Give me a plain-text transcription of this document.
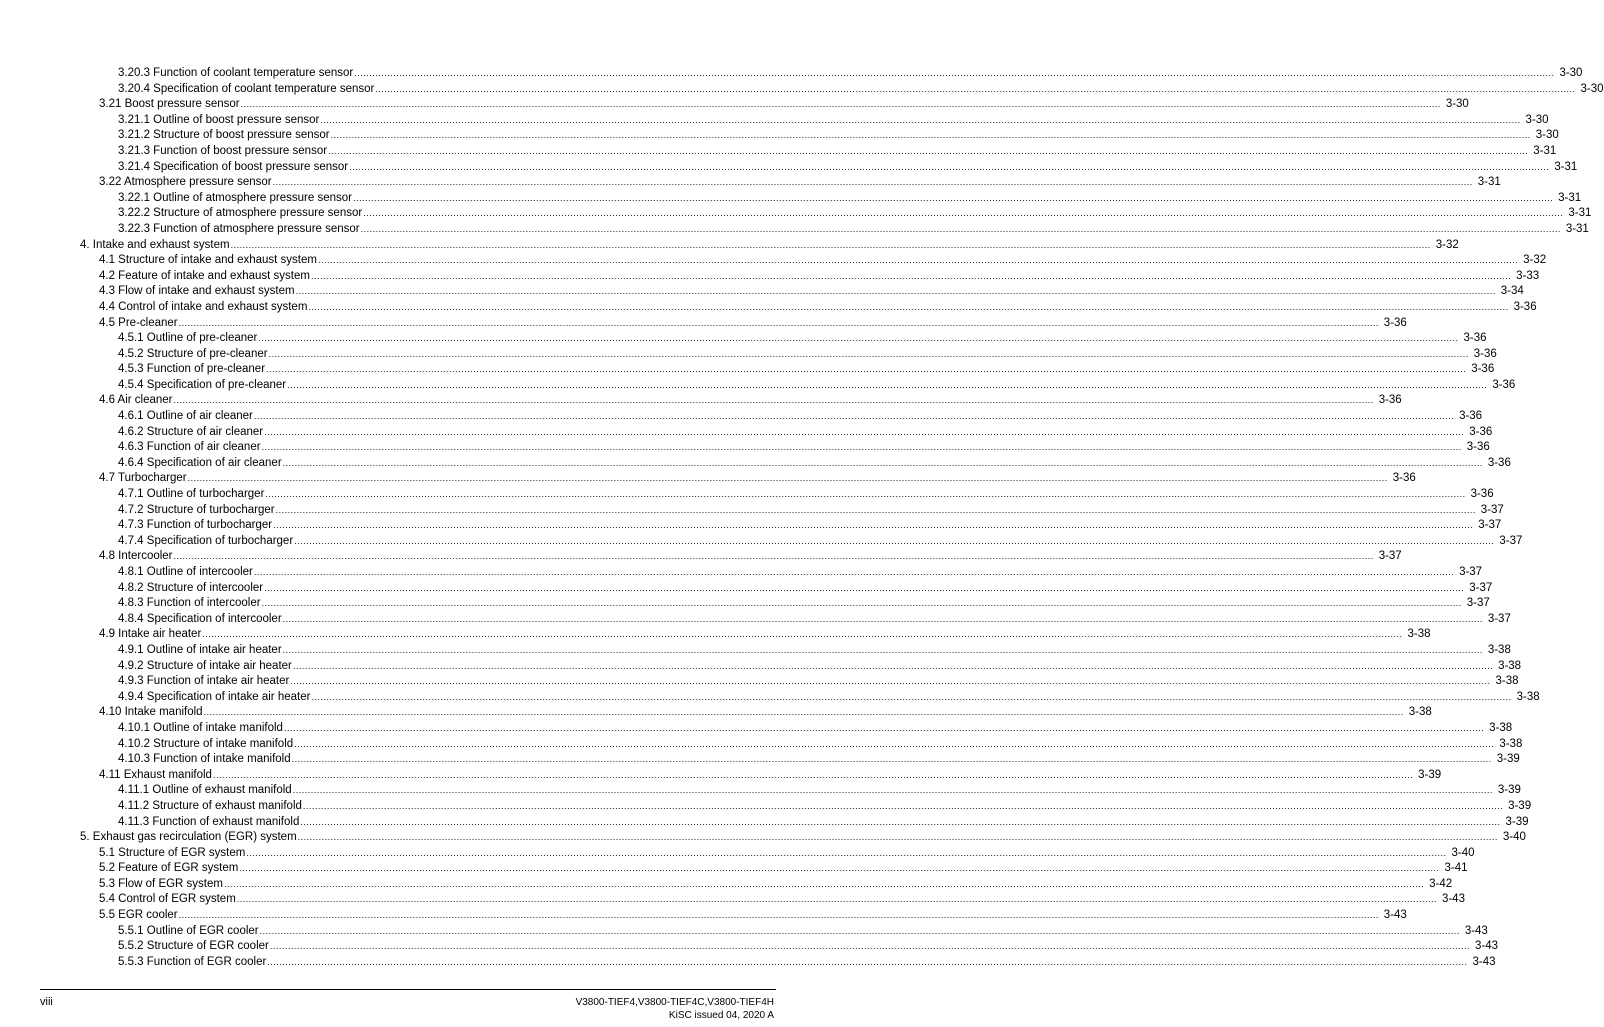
3.20.3 Function of coolant temperature sensor ................................................................................................................................................................................................................................................................................................................................................................................................................ 3-30
3.20.4 Specification of coolant temperature sensor ................................................................................................................................................................................................................................................................................................................................................................................................................ 3-30
3.21 Boost pressure sensor ................................................................................................................................................................................................................................................................................................................................................................................................................ 3-30
3.21.1 Outline of boost pressure sensor ................................................................................................................................................................................................................................................................................................................................................................................................................ 3-30
3.21.2 Structure of boost pressure sensor ................................................................................................................................................................................................................................................................................................................................................................................................................ 3-30
3.21.3 Function of boost pressure sensor ................................................................................................................................................................................................................................................................................................................................................................................................................ 3-31
3.21.4 Specification of boost pressure sensor ................................................................................................................................................................................................................................................................................................................................................................................................................ 3-31
3.22 Atmosphere pressure sensor ................................................................................................................................................................................................................................................................................................................................................................................................................ 3-31
3.22.1 Outline of atmosphere pressure sensor ................................................................................................................................................................................................................................................................................................................................................................................................................ 3-31
3.22.2 Structure of atmosphere pressure sensor ................................................................................................................................................................................................................................................................................................................................................................................................................ 3-31
3.22.3 Function of atmosphere pressure sensor ................................................................................................................................................................................................................................................................................................................................................................................................................ 3-31
4. Intake and exhaust system ................................................................................................................................................................................................................................................................................................................................................................................................................ 3-32
4.1 Structure of intake and exhaust system ................................................................................................................................................................................................................................................................................................................................................................................................................ 3-32
4.2 Feature of intake and exhaust system ................................................................................................................................................................................................................................................................................................................................................................................................................ 3-33
4.3 Flow of intake and exhaust system ................................................................................................................................................................................................................................................................................................................................................................................................................ 3-34
4.4 Control of intake and exhaust system ................................................................................................................................................................................................................................................................................................................................................................................................................ 3-36
4.5 Pre-cleaner ................................................................................................................................................................................................................................................................................................................................................................................................................ 3-36
4.5.1 Outline of pre-cleaner ................................................................................................................................................................................................................................................................................................................................................................................................................ 3-36
4.5.2 Structure of pre-cleaner ................................................................................................................................................................................................................................................................................................................................................................................................................ 3-36
4.5.3 Function of pre-cleaner ................................................................................................................................................................................................................................................................................................................................................................................................................ 3-36
4.5.4 Specification of pre-cleaner ................................................................................................................................................................................................................................................................................................................................................................................................................ 3-36
4.6 Air cleaner ................................................................................................................................................................................................................................................................................................................................................................................................................ 3-36
4.6.1 Outline of air cleaner ................................................................................................................................................................................................................................................................................................................................................................................................................ 3-36
4.6.2 Structure of air cleaner ................................................................................................................................................................................................................................................................................................................................................................................................................ 3-36
4.6.3 Function of air cleaner ................................................................................................................................................................................................................................................................................................................................................................................................................ 3-36
4.6.4 Specification of air cleaner ................................................................................................................................................................................................................................................................................................................................................................................................................ 3-36
4.7 Turbocharger ................................................................................................................................................................................................................................................................................................................................................................................................................ 3-36
4.7.1 Outline of turbocharger ................................................................................................................................................................................................................................................................................................................................................................................................................ 3-36
4.7.2 Structure of turbocharger ................................................................................................................................................................................................................................................................................................................................................................................................................ 3-37
4.7.3 Function of turbocharger ................................................................................................................................................................................................................................................................................................................................................................................................................ 3-37
4.7.4 Specification of turbocharger ................................................................................................................................................................................................................................................................................................................................................................................................................ 3-37
4.8 Intercooler ................................................................................................................................................................................................................................................................................................................................................................................................................ 3-37
4.8.1 Outline of intercooler ................................................................................................................................................................................................................................................................................................................................................................................................................ 3-37
4.8.2 Structure of intercooler ................................................................................................................................................................................................................................................................................................................................................................................................................ 3-37
4.8.3 Function of intercooler ................................................................................................................................................................................................................................................................................................................................................................................................................ 3-37
4.8.4 Specification of intercooler ................................................................................................................................................................................................................................................................................................................................................................................................................ 3-37
4.9 Intake air heater ................................................................................................................................................................................................................................................................................................................................................................................................................ 3-38
4.9.1 Outline of intake air heater ................................................................................................................................................................................................................................................................................................................................................................................................................ 3-38
4.9.2 Structure of intake air heater ................................................................................................................................................................................................................................................................................................................................................................................................................ 3-38
4.9.3 Function of intake air heater ................................................................................................................................................................................................................................................................................................................................................................................................................ 3-38
4.9.4 Specification of intake air heater ................................................................................................................................................................................................................................................................................................................................................................................................................ 3-38
4.10 Intake manifold ................................................................................................................................................................................................................................................................................................................................................................................................................ 3-38
4.10.1 Outline of intake manifold ................................................................................................................................................................................................................................................................................................................................................................................................................ 3-38
4.10.2 Structure of intake manifold ................................................................................................................................................................................................................................................................................................................................................................................................................ 3-38
4.10.3 Function of intake manifold ................................................................................................................................................................................................................................................................................................................................................................................................................ 3-39
4.11 Exhaust manifold ................................................................................................................................................................................................................................................................................................................................................................................................................ 3-39
4.11.1 Outline of exhaust manifold ................................................................................................................................................................................................................................................................................................................................................................................................................ 3-39
4.11.2 Structure of exhaust manifold ................................................................................................................................................................................................................................................................................................................................................................................................................ 3-39
4.11.3 Function of exhaust manifold ................................................................................................................................................................................................................................................................................................................................................................................................................ 3-39
5. Exhaust gas recirculation (EGR) system ................................................................................................................................................................................................................................................................................................................................................................................................................ 3-40
5.1 Structure of EGR system ................................................................................................................................................................................................................................................................................................................................................................................................................ 3-40
5.2 Feature of EGR system ................................................................................................................................................................................................................................................................................................................................................................................................................ 3-41
5.3 Flow of EGR system ................................................................................................................................................................................................................................................................................................................................................................................................................ 3-42
5.4 Control of EGR system ................................................................................................................................................................................................................................................................................................................................................................................................................ 3-43
5.5 EGR cooler ................................................................................................................................................................................................................................................................................................................................................................................................................ 3-43
5.5.1 Outline of EGR cooler ................................................................................................................................................................................................................................................................................................................................................................................................................ 3-43
5.5.2 Structure of EGR cooler ................................................................................................................................................................................................................................................................................................................................................................................................................ 3-43
5.5.3 Function of EGR cooler ................................................................................................................................................................................................................................................................................................................................................................................................................ 3-43
viii	V3800-TIEF4,V3800-TIEF4C,V3800-TIEF4H
KiSC issued 04, 2020 A
